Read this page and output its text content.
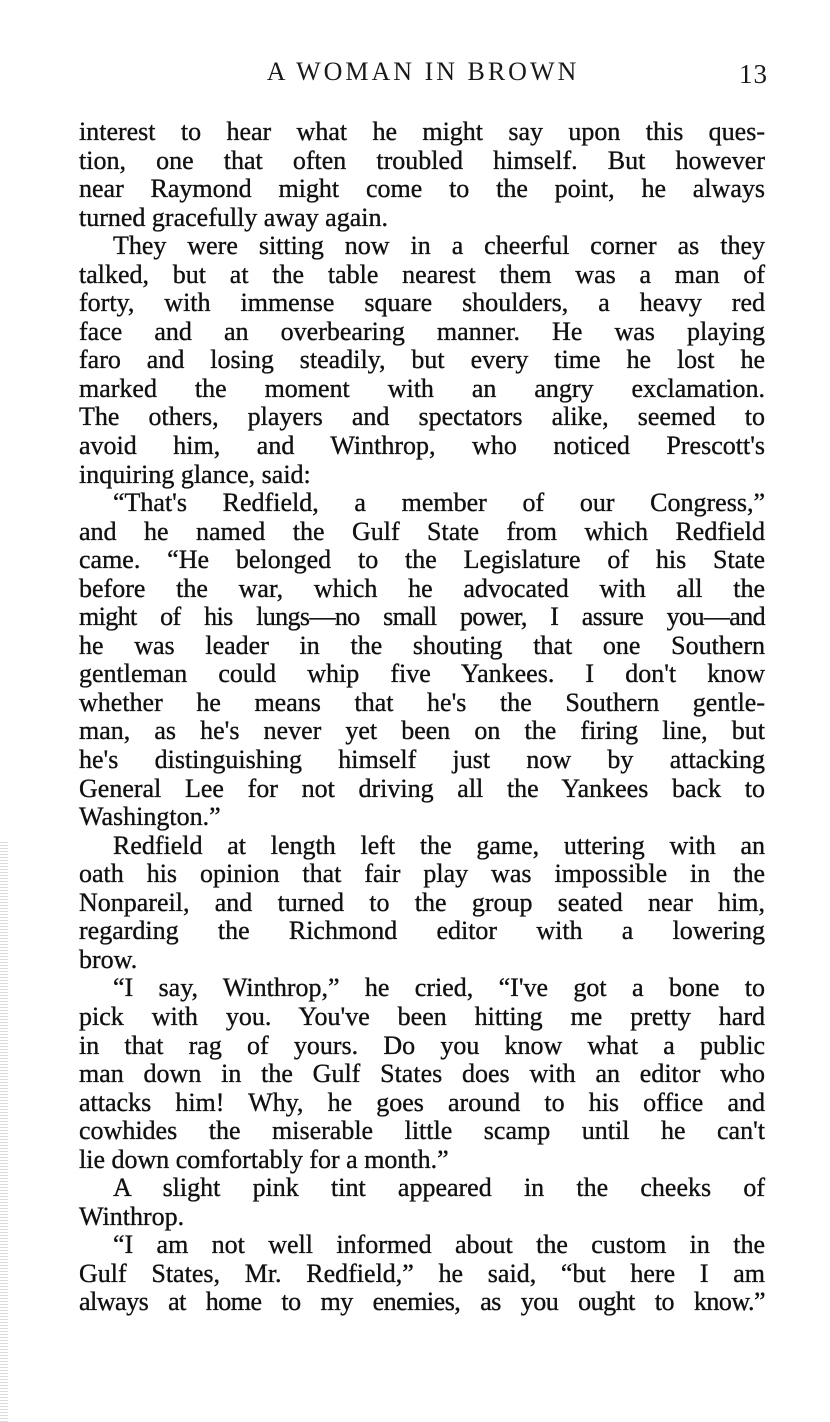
A WOMAN IN BROWN	13
interest to hear what he might say upon this ques-
tion, one that often troubled himself. But however
near Raymond might come to the point, he always
turned gracefully away again.
They were sitting now in a cheerful corner as they
talked, but at the table nearest them was a man of
forty, with immense square shoulders, a heavy red
face and an overbearing manner. He was playing
faro and losing steadily, but every time he lost he
marked the moment with an angry exclamation.
The others, players and spectators alike, seemed to
avoid him, and Winthrop, who noticed Prescott's
inquiring glance, said:
“That's Redfield, a member of our Congress,”
and he named the Gulf State from which Redfield
came. “He belonged to the Legislature of his State
before the war, which he advocated with all the
might of his lungs—no small power, I assure you—and
he was leader in the shouting that one Southern
gentleman could whip five Yankees. I don't know
whether he means that he's the Southern gentle-
man, as he's never yet been on the firing line, but
he's distinguishing himself just now by attacking
General Lee for not driving all the Yankees back to
Washington.”
Redfield at length left the game, uttering with an
oath his opinion that fair play was impossible in the
Nonpareil, and turned to the group seated near him,
regarding the Richmond editor with a lowering
brow.
“I say, Winthrop,” he cried, “I've got a bone to
pick with you. You've been hitting me pretty hard
in that rag of yours. Do you know what a public
man down in the Gulf States does with an editor who
attacks him! Why, he goes around to his office and
cowhides the miserable little scamp until he can't
lie down comfortably for a month.”
A slight pink tint appeared in the cheeks of
Winthrop.
“I am not well informed about the custom in the
Gulf States, Mr. Redfield,” he said, “but here I am
always at home to my enemies, as you ought to know.”
